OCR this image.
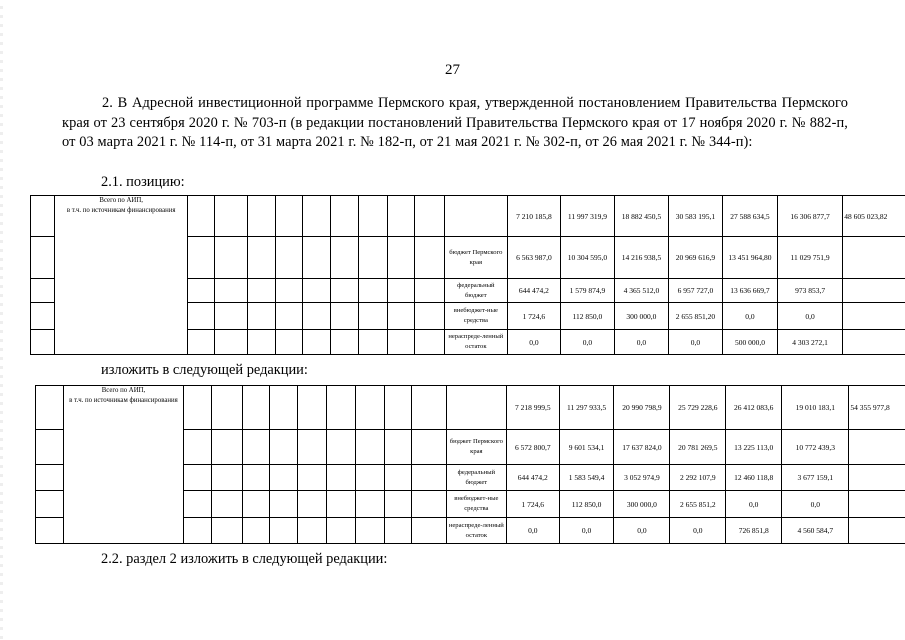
27
2. В Адресной инвестиционной программе Пермского края, утвержденной постановлением Правительства Пермского края от 23 сентября 2020 г. № 703-п (в редакции постановлений Правительства Пермского края от 17 ноября 2020 г. № 882-п, от 03 марта 2021 г. № 114-п, от 31 марта 2021 г. № 182-п, от 21 мая 2021 г. № 302-п, от 26 мая 2021 г. № 344-п):
2.1. позицию:
	Всего по АИП,
в т.ч. по источникам финансирования											7 210 185,8	11 997 319,9	18 882 450,5	30 583 195,1	27 588 634,5	16 306 877,7	48 605 023,82
											бюджет Пермского края	6 563 987,0	10 304 595,0	14 216 938,5	20 969 616,9	13 451 964,80	11 029 751,9	
											федеральный бюджет	644 474,2	1 579 874,9	4 365 512,0	6 957 727,0	13 636 669,7	973 853,7	
											внебюджет-ные средства	1 724,6	112 850,0	300 000,0	2 655 851,20	0,0	0,0	
											нераспреде-ленный остаток	0,0	0,0	0,0	0,0	500 000,0	4 303 272,1	
изложить в следующей редакции:
	Всего по АИП,
в т.ч. по источникам финансирования											7 218 999,5	11 297 933,5	20 990 798,9	25 729 228,6	26 412 083,6	19 010 183,1	54 355 977,8
											бюджет Пермского края	6 572 800,7	9 601 534,1	17 637 824,0	20 781 269,5	13 225 113,0	10 772 439,3	
											федеральный бюджет	644 474,2	1 583 549,4	3 052 974,9	2 292 107,9	12 460 118,8	3 677 159,1	
											внебюджет-ные средства	1 724,6	112 850,0	300 000,0	2 655 851,2	0,0	0,0	
											нераспреде-ленный остаток	0,0	0,0	0,0	0,0	726 851,8	4 560 584,7	
2.2. раздел 2 изложить в следующей редакции:
